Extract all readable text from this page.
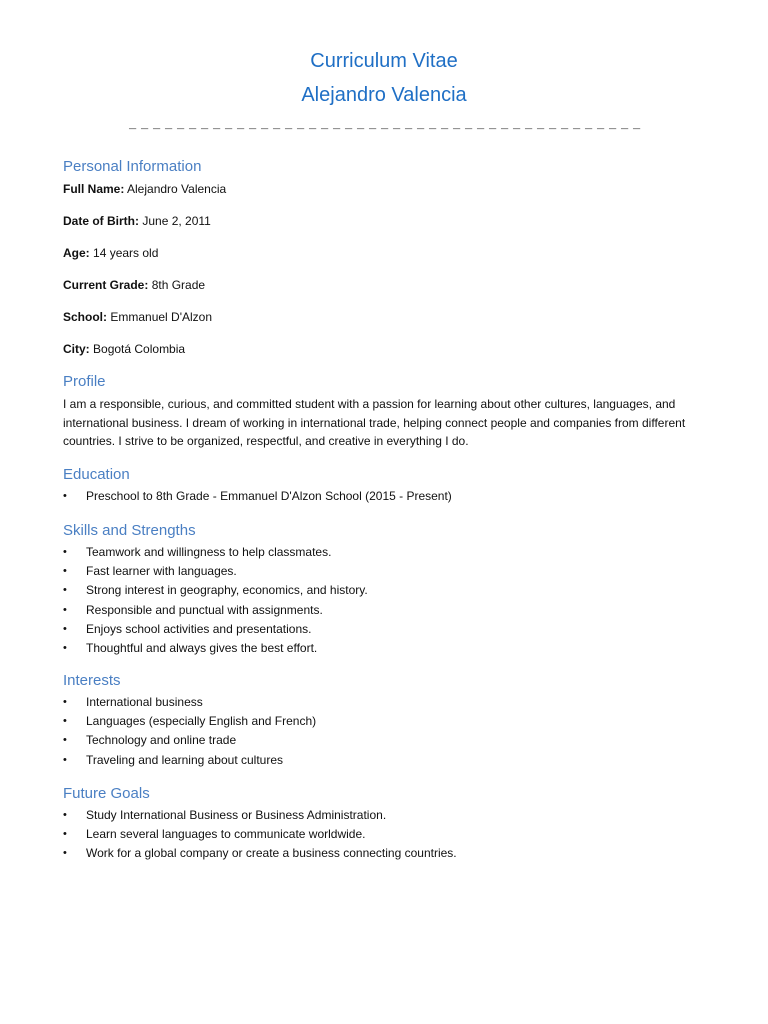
Curriculum Vitae
Alejandro Valencia
_ _ _ _ _ _ _ _ _ _ _ _ _ _ _ _ _ _ _ _ _ _ _ _ _ _ _ _ _ _ _ _ _ _ _ _ _ _ _ _ _ _ _
Personal Information
Full Name: Alejandro Valencia
Date of Birth: June 2, 2011
Age: 14 years old
Current Grade: 8th Grade
School: Emmanuel D'Alzon
City: Bogotá Colombia
Profile
I am a responsible, curious, and committed student with a passion for learning about other cultures, languages, and international business. I dream of working in international trade, helping connect people and companies from different countries. I strive to be organized, respectful, and creative in everything I do.
Education
• Preschool to 8th Grade - Emmanuel D'Alzon School (2015 - Present)
Skills and Strengths
• Teamwork and willingness to help classmates.
• Fast learner with languages.
• Strong interest in geography, economics, and history.
• Responsible and punctual with assignments.
• Enjoys school activities and presentations.
• Thoughtful and always gives the best effort.
Interests
• International business
• Languages (especially English and French)
• Technology and online trade
• Traveling and learning about cultures
Future Goals
• Study International Business or Business Administration.
• Learn several languages to communicate worldwide.
• Work for a global company or create a business connecting countries.
